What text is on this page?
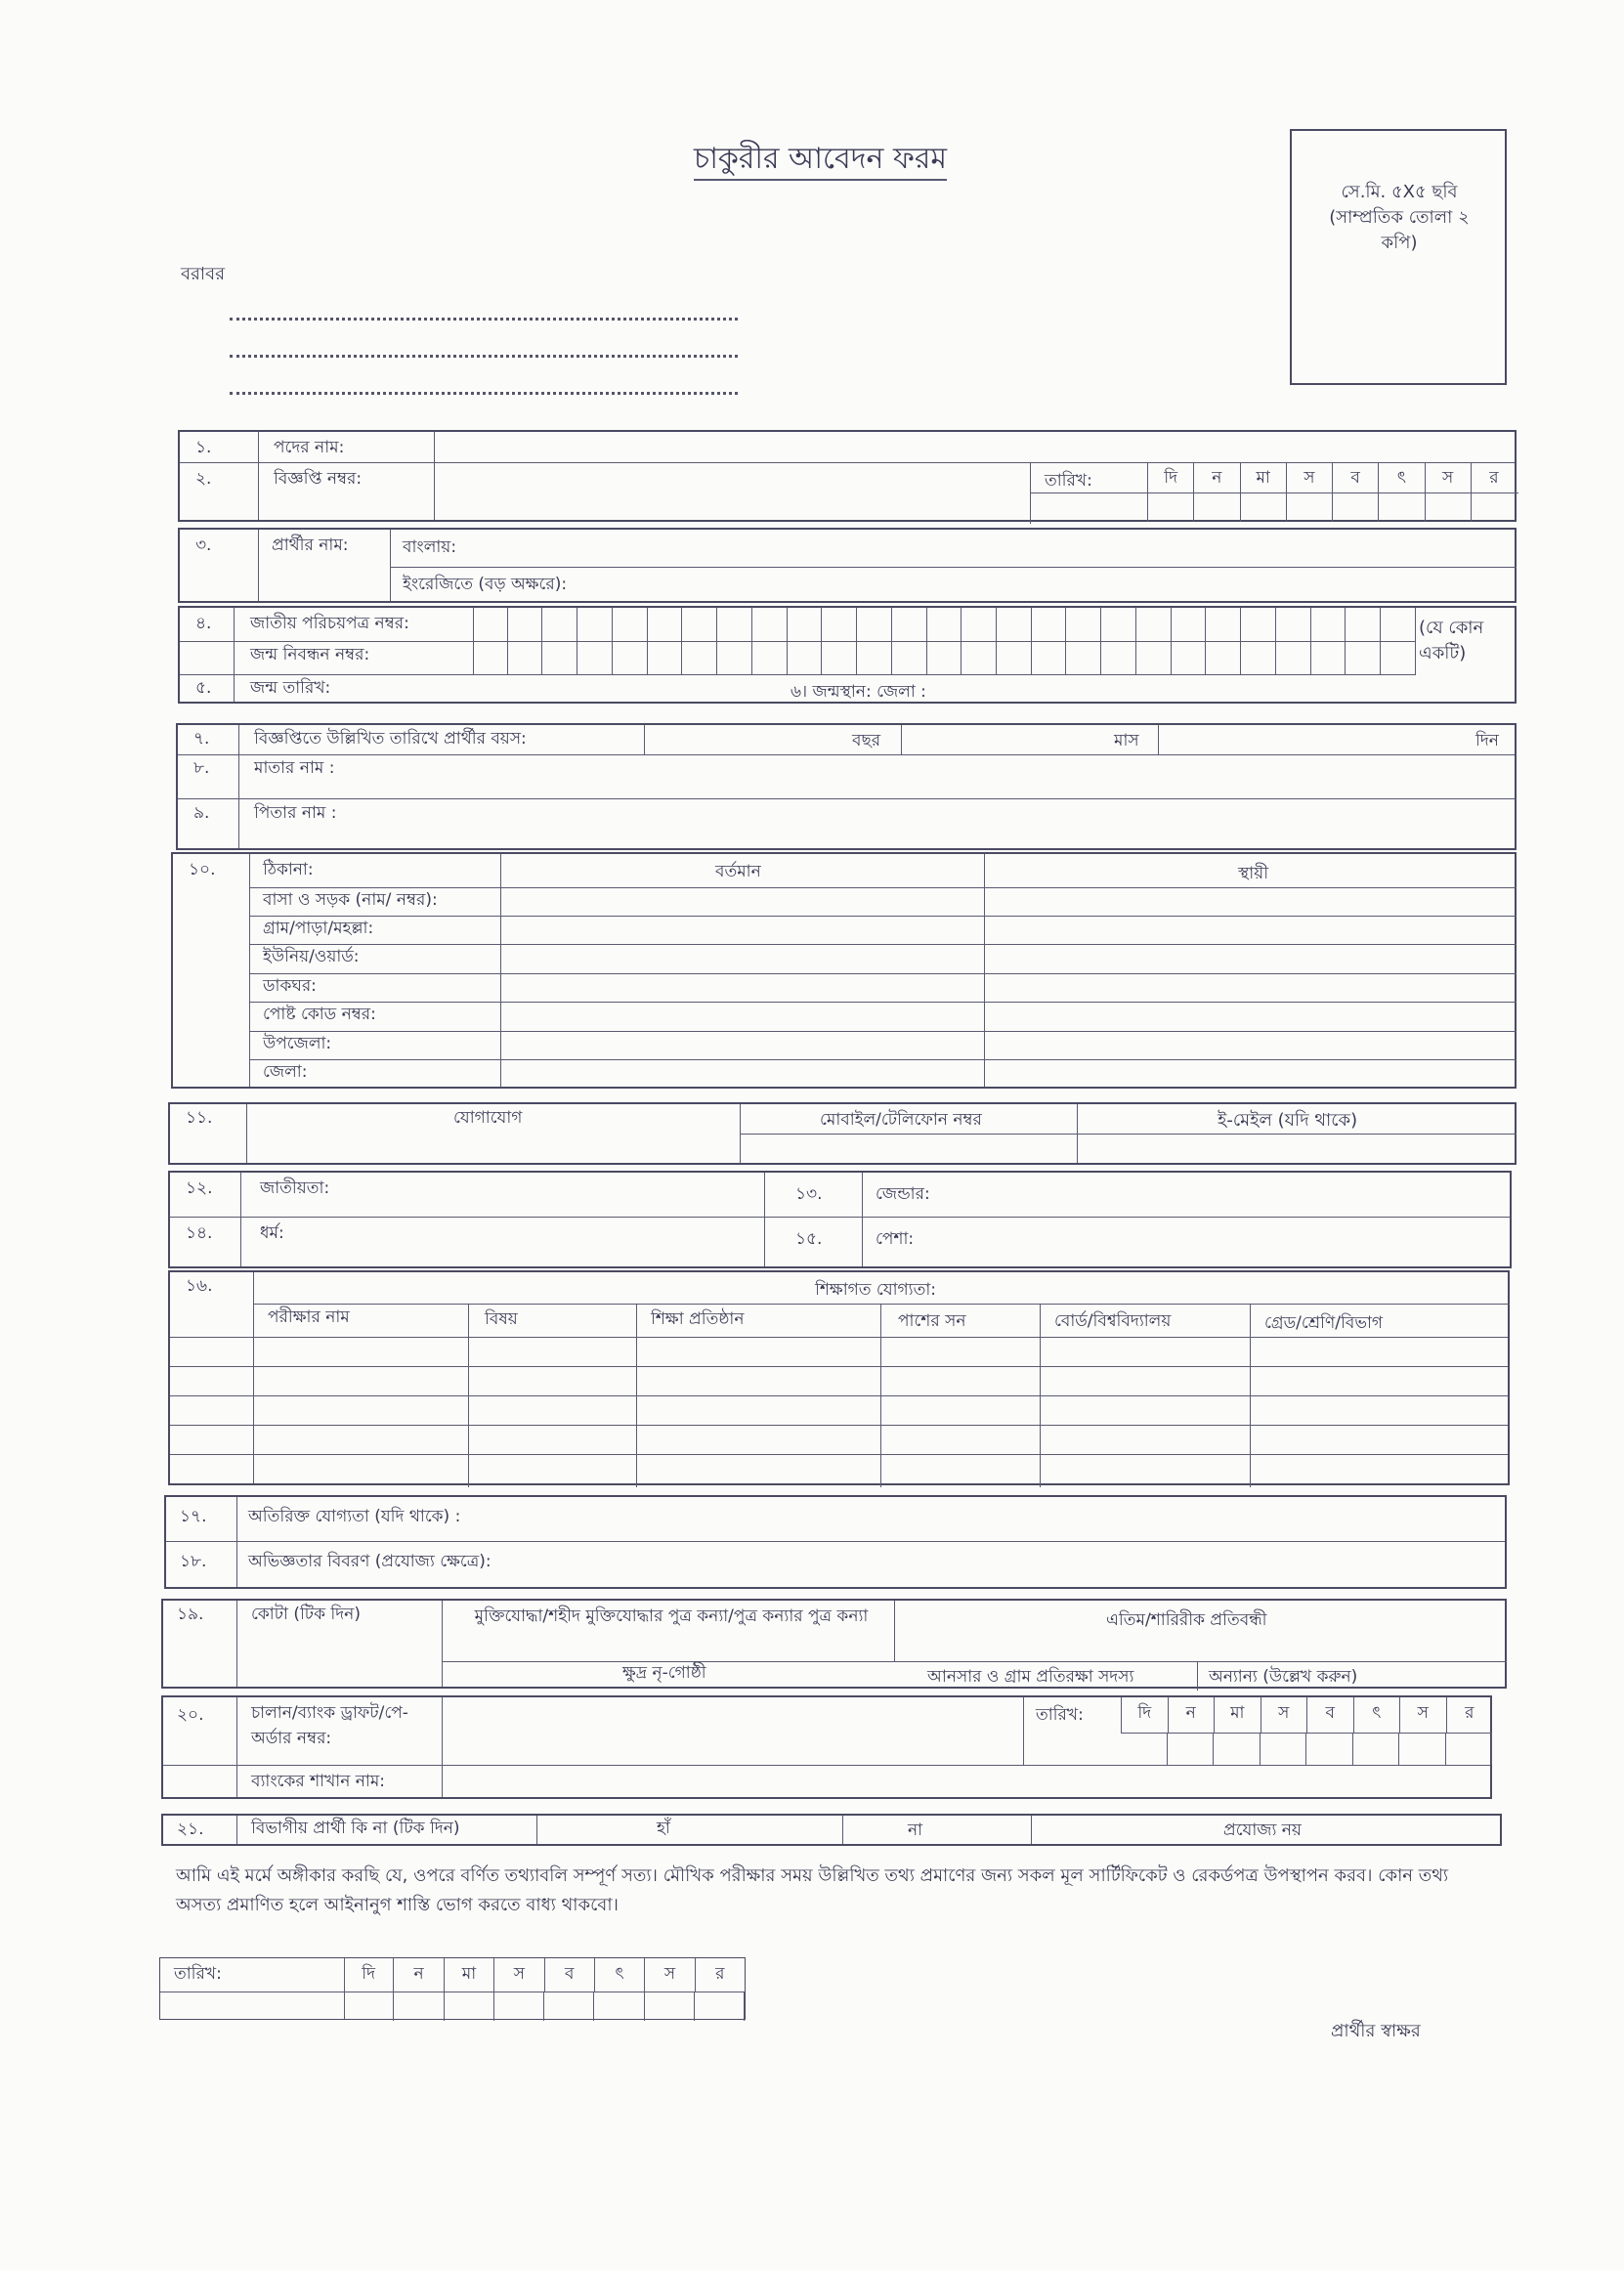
চাকুরীর আবেদন ফরম
সে.মি. ৫X৫ ছবি (সাম্প্রতিক তোলা ২ কপি)
বরাবর
১.	পদের নাম:
২.	বিজ্ঞপ্তি নম্বর:	তারিখ:	দি	ন	মা	স	ব	ৎ	স	র
৩.	প্রার্থীর নাম:	বাংলায়:
ইংরেজিতে (বড় অক্ষরে):
৪. জাতীয় পরিচয়পত্র নম্বর:
জন্ম নিবন্ধন নম্বর:
(যে কোন একটি)
৫. জন্ম তারিখ:	৬। জন্মস্থান: জেলা :
৭.	বিজ্ঞপ্তিতে উল্লিখিত তারিখে প্রার্থীর বয়স:	বছর	মাস	দিন
৮.	মাতার নাম :
৯.	পিতার নাম :
১০.	ঠিকানা:	বর্তমান	স্থায়ী
বাসা ও সড়ক (নাম/ নম্বর):
গ্রাম/পাড়া/মহল্লা:
ইউনিয়/ওয়ার্ড:
ডাকঘর:
পোষ্ট কোড নম্বর:
উপজেলা:
জেলা:
১১.	যোগাযোগ	মোবাইল/টেলিফোন নম্বর	ই-মেইল (যদি থাকে)
১২.	জাতীয়তা:	১৩.	জেন্ডার:
১৪.	ধর্ম:	১৫.	পেশা:
১৬.	শিক্ষাগত যোগ্যতা:
পরীক্ষার নাম	বিষয়	শিক্ষা প্রতিষ্ঠান	পাশের সন	বোর্ড/বিশ্ববিদ্যালয়	গ্রেড/শ্রেণি/বিভাগ
১৭.	অতিরিক্ত যোগ্যতা (যদি থাকে) :
১৮.	অভিজ্ঞতার বিবরণ (প্রযোজ্য ক্ষেত্রে):
১৯.	কোটা (টিক দিন)	মুক্তিযোদ্ধা/শহীদ মুক্তিযোদ্ধার পুত্র কন্যা/পুত্র কন্যার পুত্র কন্যা	এতিম/শারিরীক প্রতিবন্ধী
ক্ষুদ্র নৃ-গোষ্ঠী	আনসার ও গ্রাম প্রতিরক্ষা সদস্য	অন্যান্য (উল্লেখ করুন)
২০.	চালান/ব্যাংক ড্রাফট/পে-অর্ডার নম্বর:
তারিখ:	দি	ন	মা	স	ব	ৎ	স	র
ব্যাংকের শাখান নাম:
২১.	বিভাগীয় প্রার্থী কি না (টিক দিন)	হাঁ	না	প্রযোজ্য নয়
আমি এই মর্মে অঙ্গীকার করছি যে, ওপরে বর্ণিত তথ্যাবলি সম্পূর্ণ সত্য। মৌখিক পরীক্ষার সময় উল্লিখিত তথ্য প্রমাণের জন্য সকল মূল সার্টিফিকেট ও রেকর্ডপত্র উপস্থাপন করব। কোন তথ্য অসত্য প্রমাণিত হলে আইনানুগ শাস্তি ভোগ করতে বাধ্য থাকবো।
তারিখ:	দি	ন	মা	স	ব	ৎ	স	র
প্রার্থীর স্বাক্ষর
